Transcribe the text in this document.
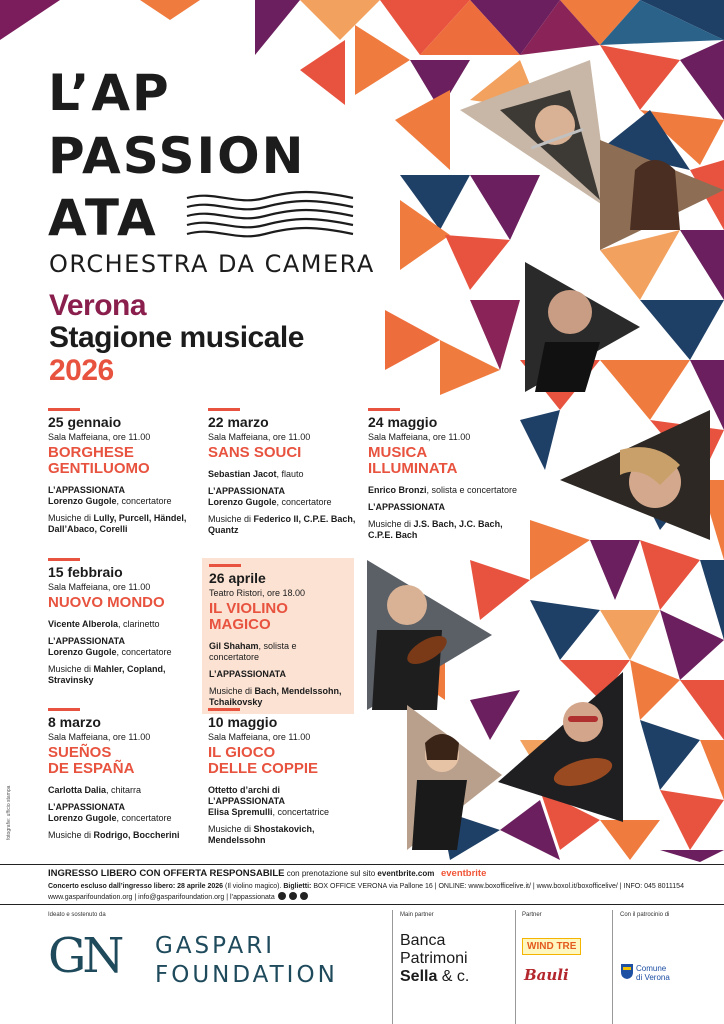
L’AP
PASSION
ATA
ORCHESTRA DA CAMERA
Verona
Stagione musicale
2026
25 gennaio
Sala Maffeiana, ore 11.00
BORGHESE
GENTILUOMO
L’APPASSIONATA
Lorenzo Gugole, concertatore
Musiche di Lully, Purcell, Händel,
Dall’Abaco, Corelli
15 febbraio
Sala Maffeiana, ore 11.00
NUOVO MONDO
Vicente Alberola, clarinetto
L’APPASSIONATA
Lorenzo Gugole, concertatore
Musiche di Mahler, Copland,
Stravinsky
8 marzo
Sala Maffeiana, ore 11.00
SUEÑOS
DE ESPAÑA
Carlotta Dalia, chitarra
L’APPASSIONATA
Lorenzo Gugole, concertatore
Musiche di Rodrigo, Boccherini
22 marzo
Sala Maffeiana, ore 11.00
SANS SOUCI
Sebastian Jacot, flauto
L’APPASSIONATA
Lorenzo Gugole, concertatore
Musiche di Federico II, C.P.E. Bach,
Quantz
26 aprile
Teatro Ristori, ore 18.00
IL VIOLINO
MAGICO
Gil Shaham, solista e concertatore
L’APPASSIONATA
Musiche di Bach, Mendelssohn,
Tchaikovsky
10 maggio
Sala Maffeiana, ore 11.00
IL GIOCO
DELLE COPPIE
Ottetto d’archi di
L’APPASSIONATA
Elisa Spremulli, concertatrice
Musiche di Shostakovich,
Mendelssohn
24 maggio
Sala Maffeiana, ore 11.00
MUSICA
ILLUMINATA
Enrico Bronzi, solista e concertatore
L’APPASSIONATA
Musiche di J.S. Bach, J.C. Bach,
C.P.E. Bach
fotografie: ufficio stampa
INGRESSO LIBERO CON OFFERTA RESPONSABILE con prenotazione sul sito eventbrite.com eventbrite
Concerto escluso dall’ingresso libero: 28 aprile 2026 (Il violino magico). Biglietti: BOX OFFICE VERONA via Pallone 16 | ONLINE: www.boxofficelive.it/ | www.boxol.it/boxofficelive/ | INFO: 045 8011154
www.gasparifoundation.org | info@gasparifoundation.org | l’appassionata
Ideato e sostenuto da
GN GASPARI
FOUNDATION
Main partner
Banca
Patrimoni
Sella & c.
Partner
WIND TRE
Bauli
Con il patrocinio di
Comune
di Verona
